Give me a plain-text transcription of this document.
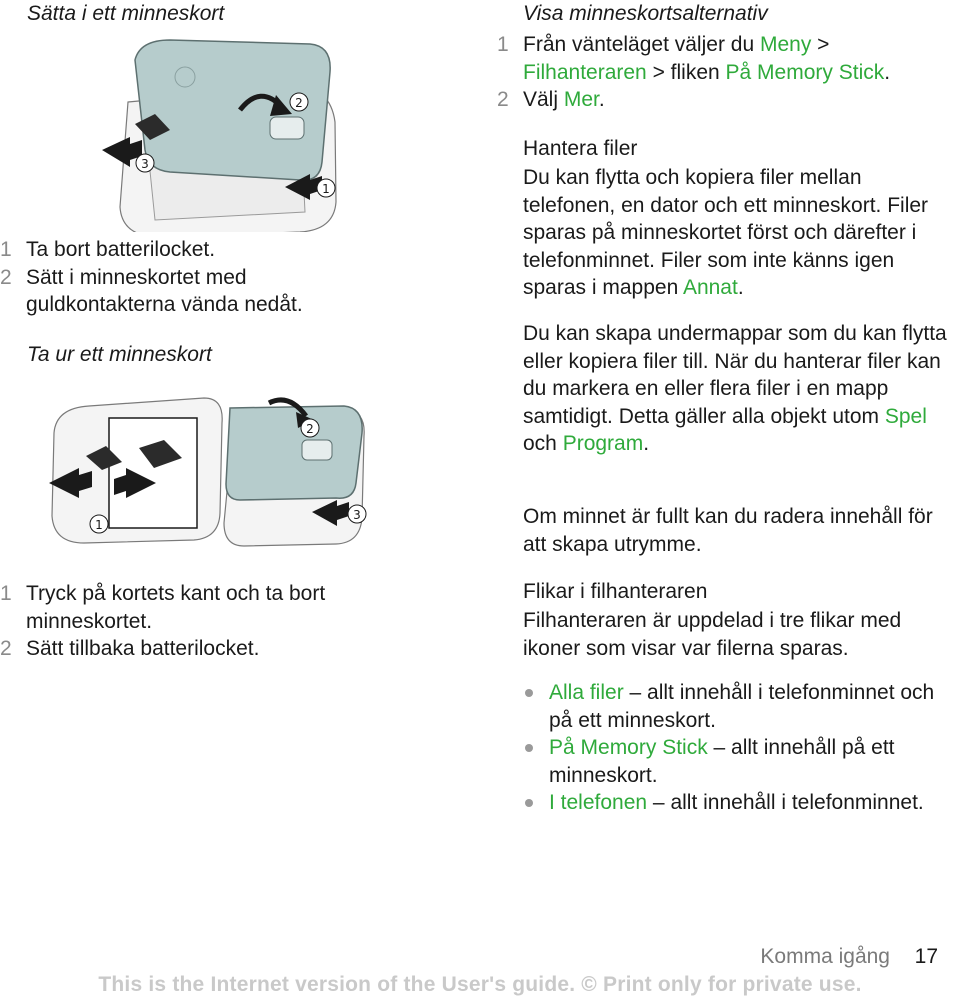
Sätta i ett minneskort
3
2
1
1 Ta bort batterilocket.
2 Sätt i minneskortet med guldkontakterna vända nedåt.
Ta ur ett minneskort
1
2
3
1 Tryck på kortets kant och ta bort minneskortet.
2 Sätt tillbaka batterilocket.
Visa minneskortsalternativ
1 Från vänteläget väljer du Meny >
Filhanteraren > fliken På Memory Stick.
2 Välj Mer.
Hantera filer

Du kan flytta och kopiera filer mellan telefonen, en dator och ett minneskort. Filer sparas på minneskortet först och därefter i telefonminnet. Filer som inte känns igen sparas i mappen Annat.

Du kan skapa undermappar som du kan flytta eller kopiera filer till. När du hanterar filer kan du markera en eller flera filer i en mapp samtidigt. Detta gäller alla objekt utom Spel och Program.

Om minnet är fullt kan du radera innehåll för att skapa utrymme.

Flikar i filhanteraren

Filhanteraren är uppdelad i tre flikar med ikoner som visar var filerna sparas.

Alla filer – allt innehåll i telefonminnet och på ett minneskort.
På Memory Stick – allt innehåll på ett minneskort.
I telefonen – allt innehåll i telefonminnet.
Komma igång 17
This is the Internet version of the User's guide. © Print only for private use.
